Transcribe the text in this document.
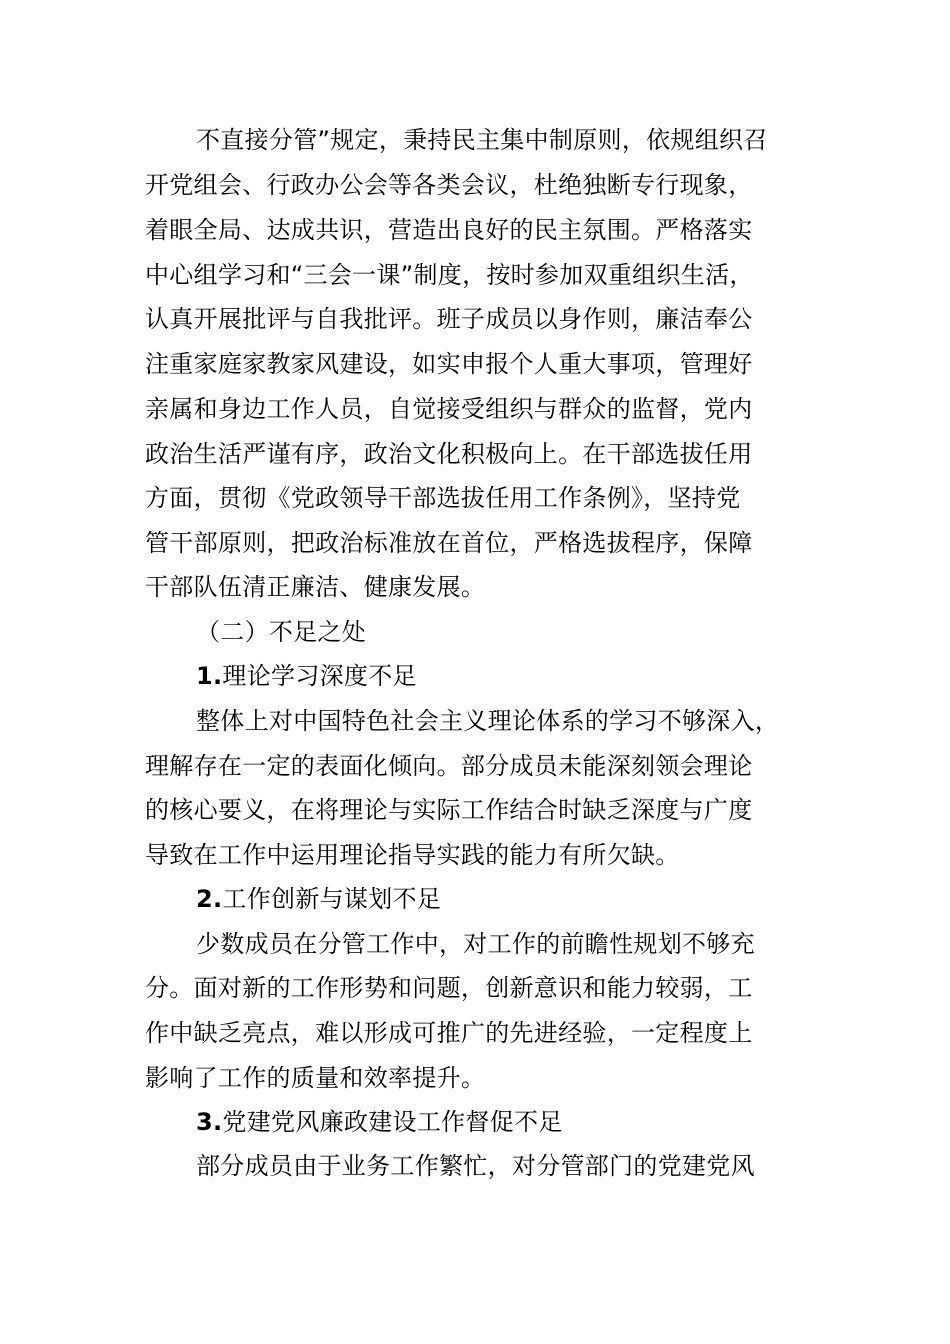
不直接分管”规定，秉持民主集中制原则，依规组织召
开党组会、行政办公会等各类会议，杜绝独断专行现象，
着眼全局、达成共识，营造出良好的民主氛围。严格落实
中心组学习和“三会一课”制度，按时参加双重组织生活，
认真开展批评与自我批评。班子成员以身作则，廉洁奉公
注重家庭家教家风建设，如实申报个人重大事项，管理好
亲属和身边工作人员，自觉接受组织与群众的监督，党内
政治生活严谨有序，政治文化积极向上。在干部选拔任用
方面，贯彻《党政领导干部选拔任用工作条例》，坚持党
管干部原则，把政治标准放在首位，严格选拔程序，保障
干部队伍清正廉洁、健康发展。
（二）不足之处
1.理论学习深度不足
整体上对中国特色社会主义理论体系的学习不够深入，
理解存在一定的表面化倾向。部分成员未能深刻领会理论
的核心要义，在将理论与实际工作结合时缺乏深度与广度
导致在工作中运用理论指导实践的能力有所欠缺。
2.工作创新与谋划不足
少数成员在分管工作中，对工作的前瞻性规划不够充
分。面对新的工作形势和问题，创新意识和能力较弱，工
作中缺乏亮点，难以形成可推广的先进经验，一定程度上
影响了工作的质量和效率提升。
3.党建党风廉政建设工作督促不足
部分成员由于业务工作繁忙，对分管部门的党建党风
